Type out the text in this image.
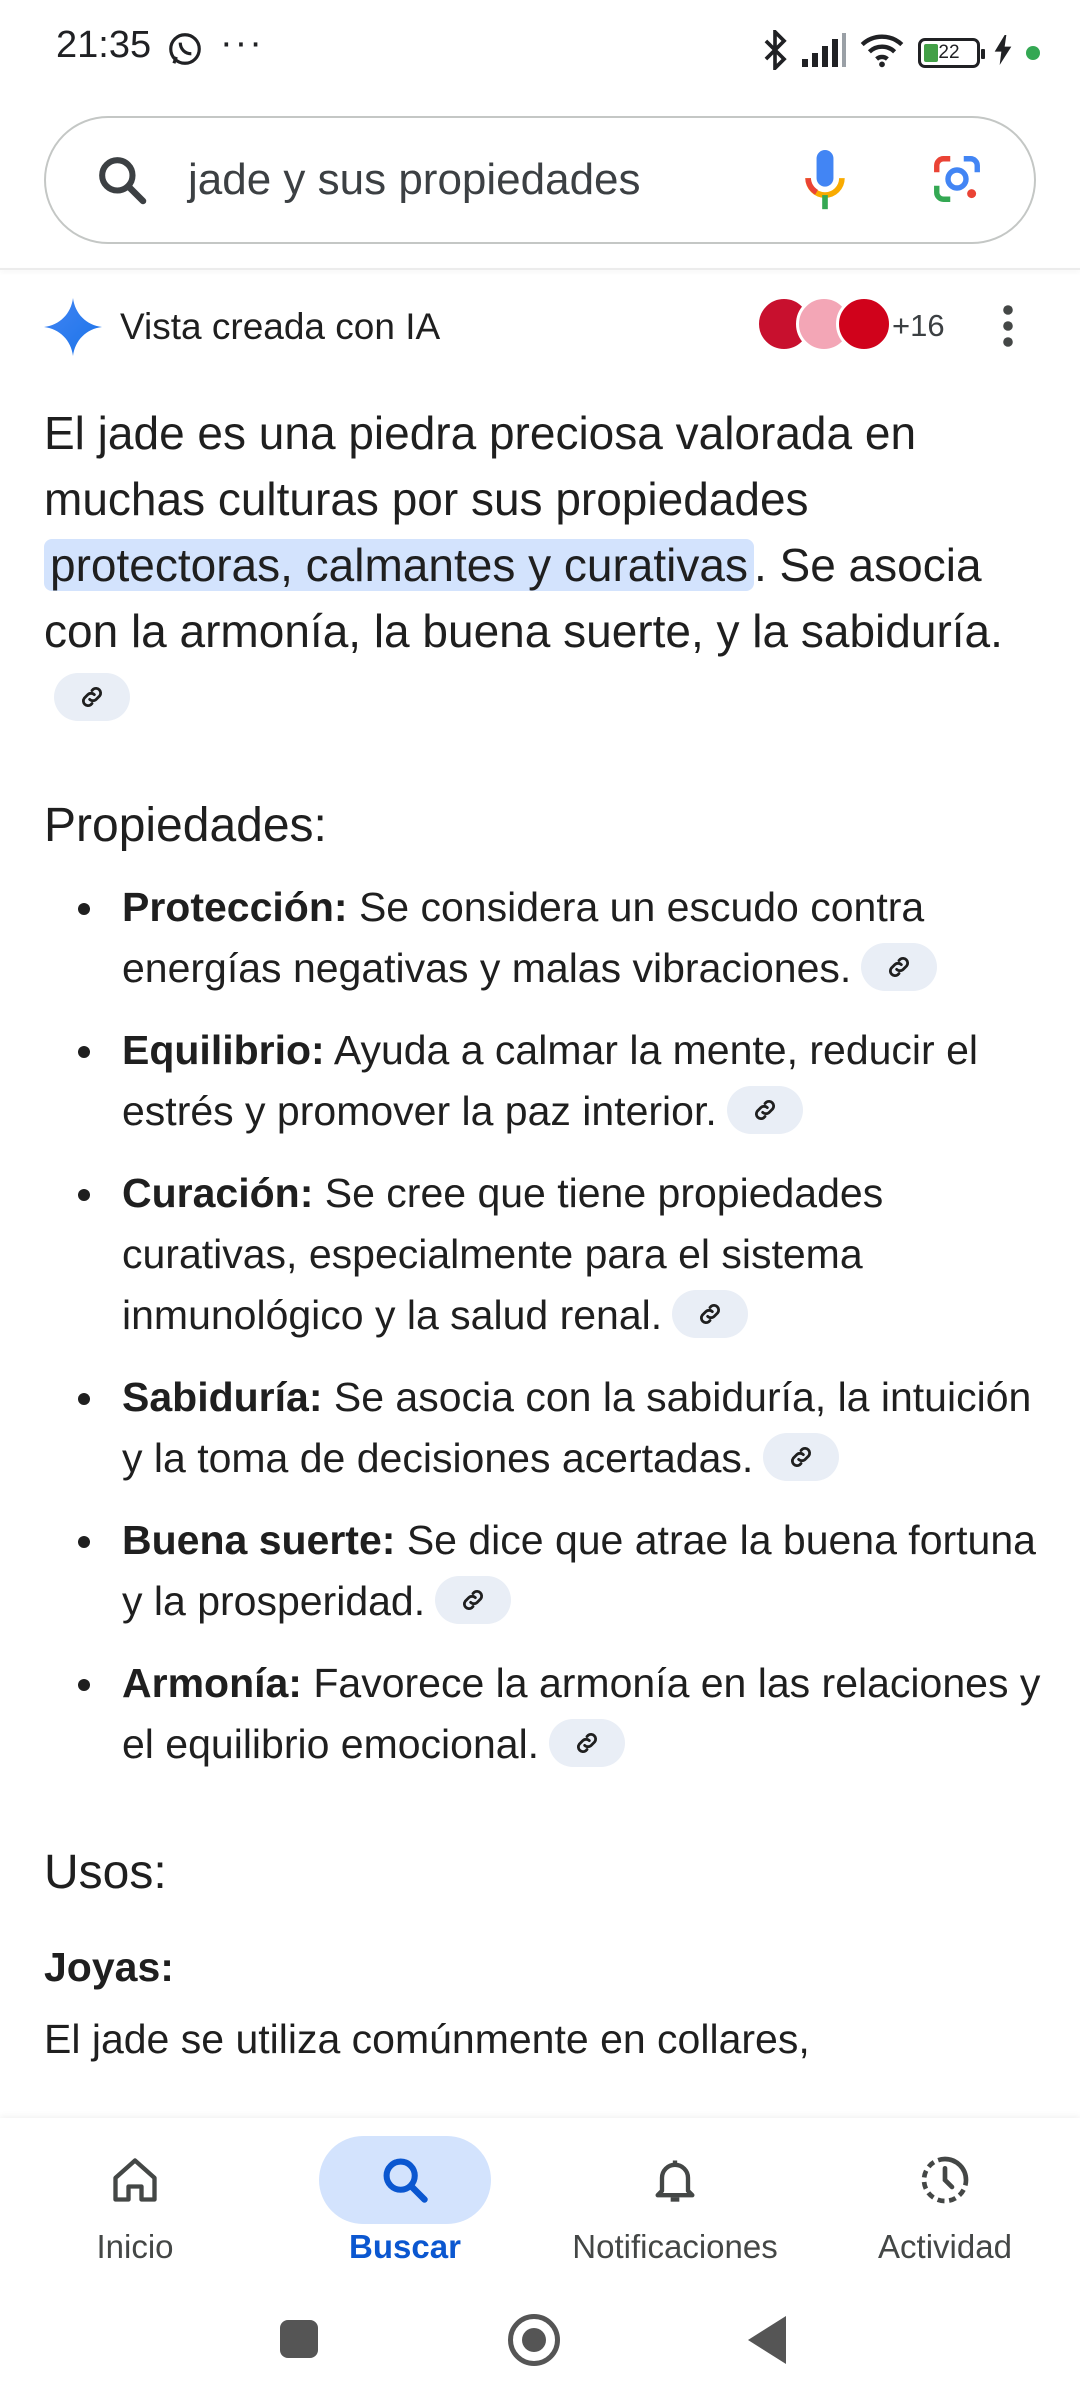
21:35 ···	22
jade y sus propiedades
Vista creada con IA	+16

El jade es una piedra preciosa valorada en muchas culturas por sus propiedades protectoras, calmantes y curativas . Se asocia con la armonía, la buena suerte, y la sabiduría.

Propiedades:
Protección: Se considera un escudo contra energías negativas y malas vibraciones.
Equilibrio: Ayuda a calmar la mente, reducir el estrés y promover la paz interior.
Curación: Se cree que tiene propiedades curativas, especialmente para el sistema inmunológico y la salud renal.
Sabiduría: Se asocia con la sabiduría, la intuición y la toma de decisiones acertadas.
Buena suerte: Se dice que atrae la buena fortuna y la prosperidad.
Armonía: Favorece la armonía en las relaciones y el equilibrio emocional.
Usos:
Joyas:
El jade se utiliza comúnmente en collares,
Inicio	Buscar	Notificaciones	Actividad
